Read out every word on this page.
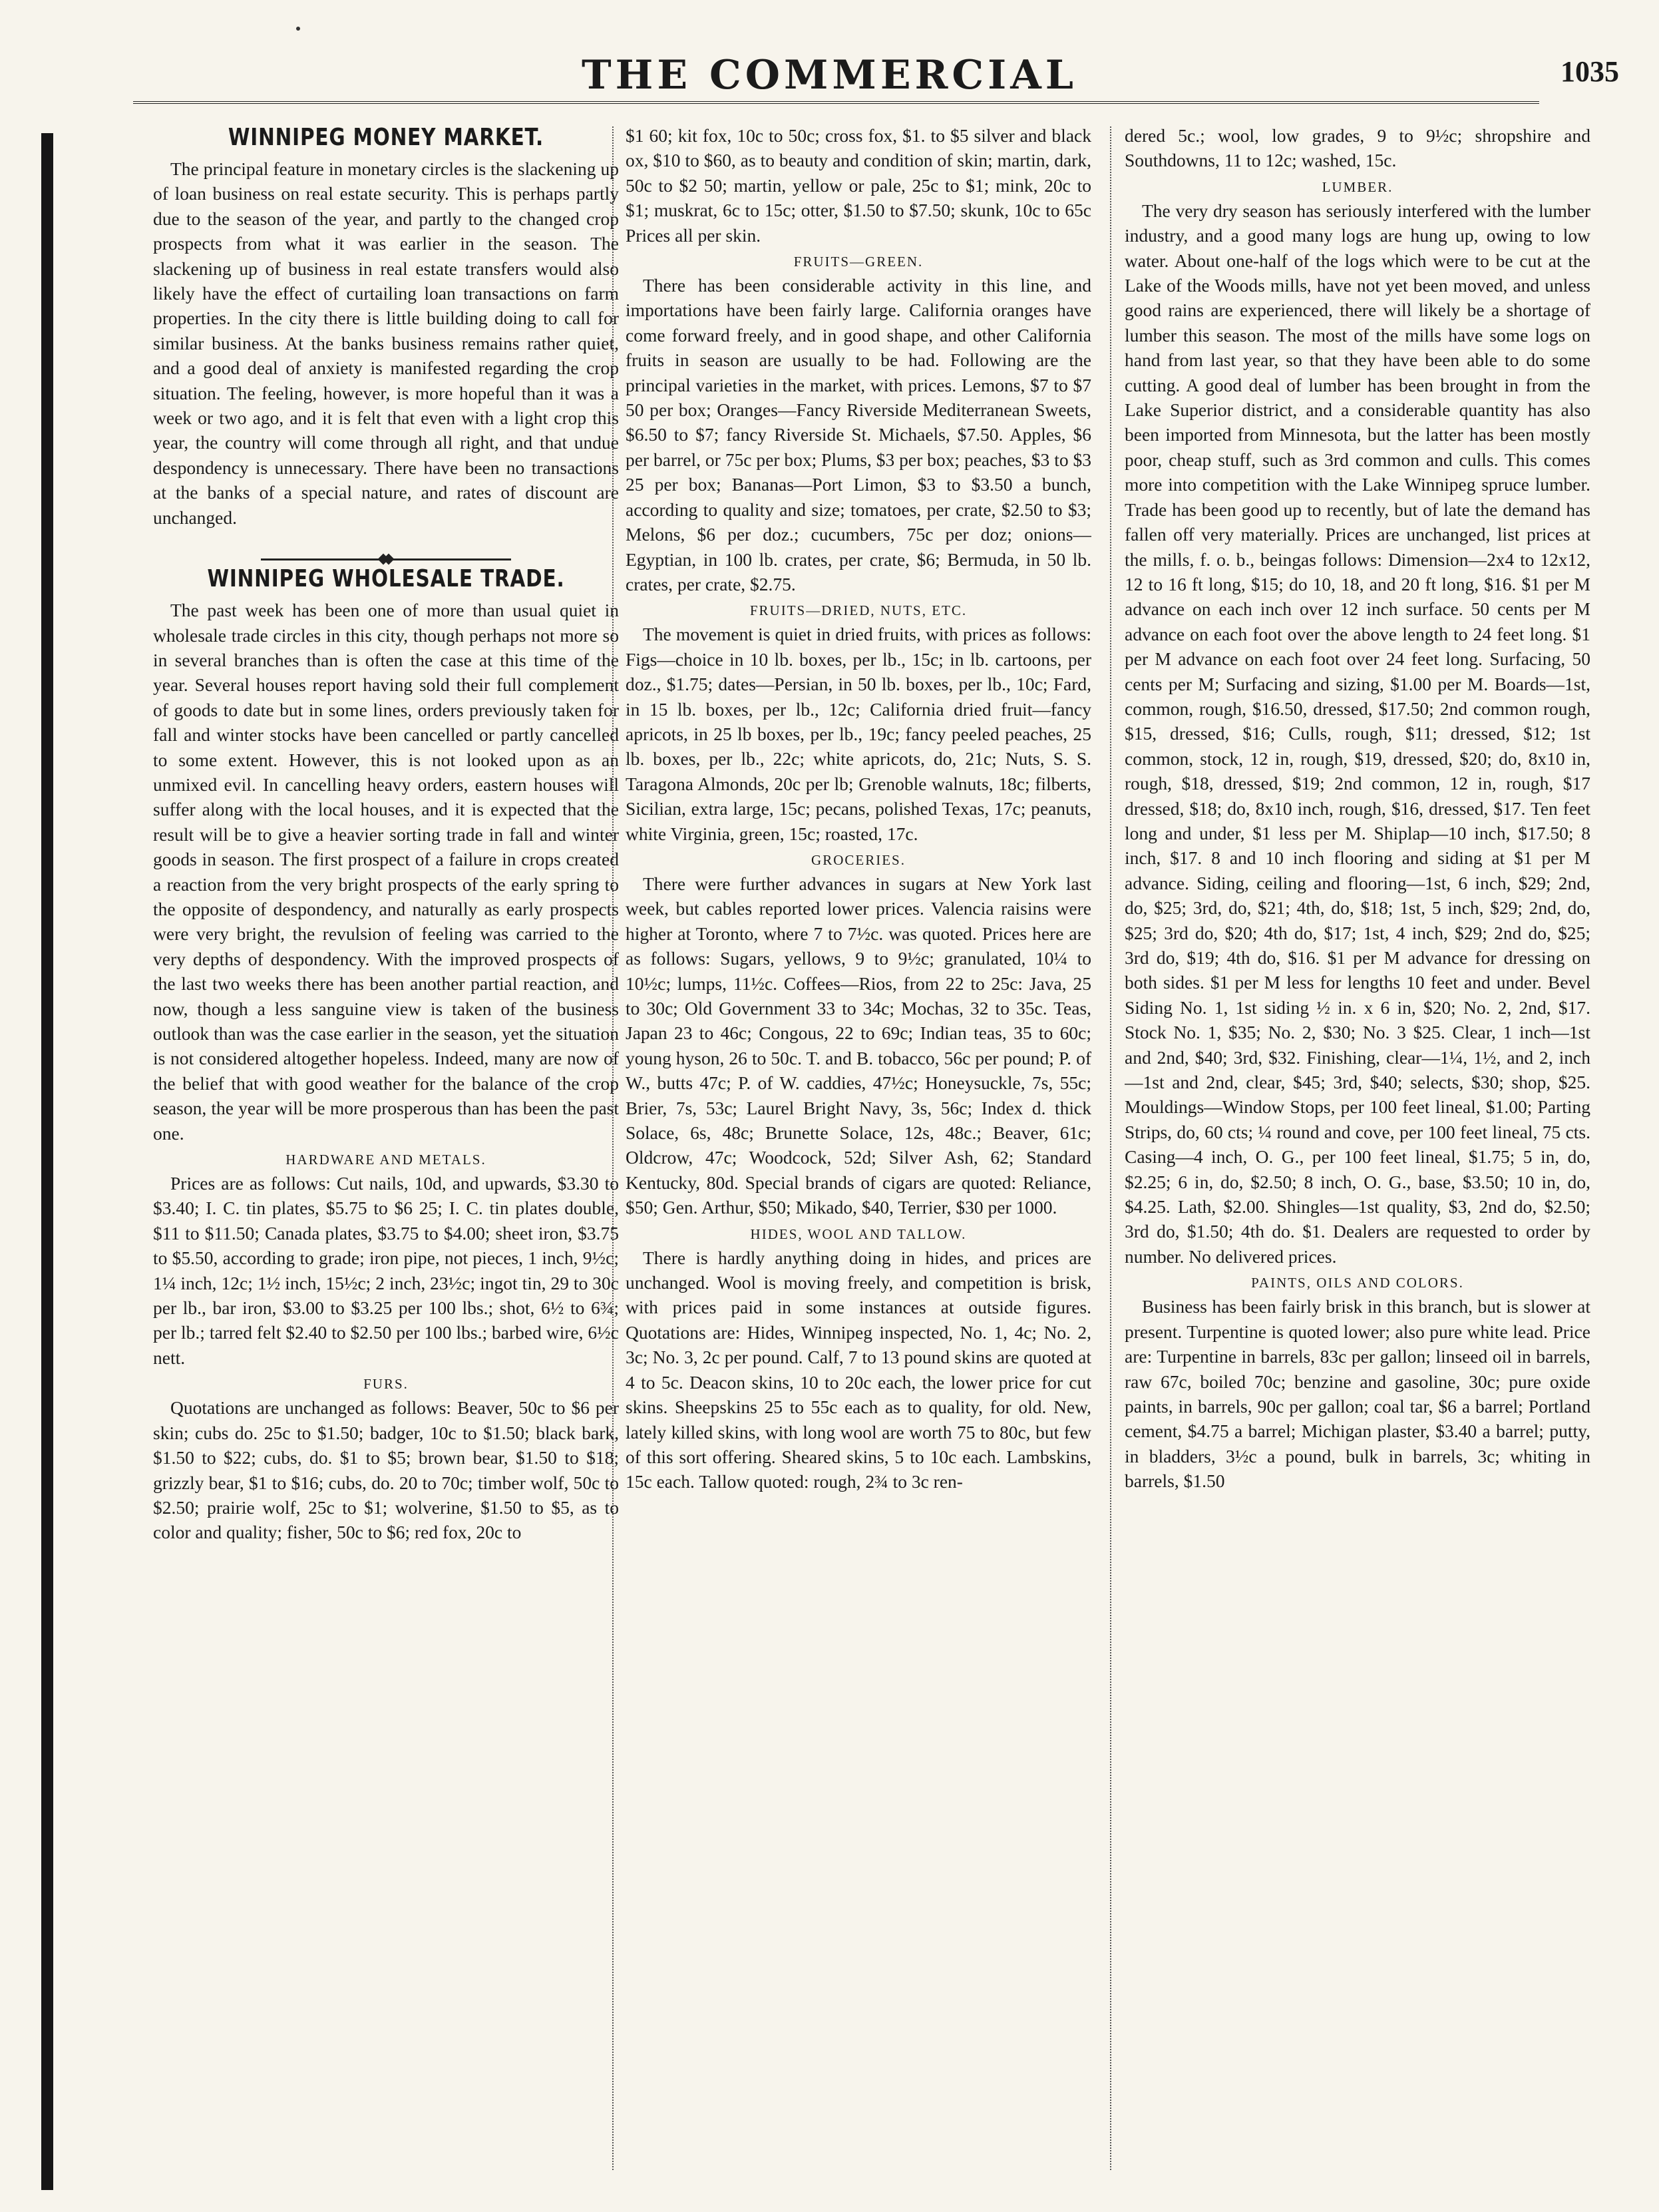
THE COMMERCIAL	1035
WINNIPEG MONEY MARKET.

The principal feature in monetary circles is the slackening up of loan business on real estate security. This is perhaps partly due to the season of the year, and partly to the changed crop prospects from what it was earlier in the season. The slackening up of business in real estate transfers would also likely have the effect of curtailing loan transactions on farm properties. In the city there is little building doing to call for similar business. At the banks business remains rather quiet, and a good deal of anxiety is manifested regarding the crop situation. The feeling, however, is more hopeful than it was a week or two ago, and it is felt that even with a light crop this year, the country will come through all right, and that undue despondency is unnecessary. There have been no transactions at the banks of a special nature, and rates of discount are unchanged.

WINNIPEG WHOLESALE TRADE.

The past week has been one of more than usual quiet in wholesale trade circles in this city, though perhaps not more so in several branches than is often the case at this time of the year. Several houses report having sold their full complement of goods to date but in some lines, orders previously taken for fall and winter stocks have been cancelled or partly cancelled to some extent. However, this is not looked upon as an unmixed evil. In cancelling heavy orders, eastern houses will suffer along with the local houses, and it is expected that the result will be to give a heavier sorting trade in fall and winter goods in season. The first prospect of a failure in crops created a reaction from the very bright prospects of the early spring to the opposite of despondency, and naturally as early prospects were very bright, the revulsion of feeling was carried to the very depths of despondency. With the improved prospects of the last two weeks there has been another partial reaction, and now, though a less sanguine view is taken of the business outlook than was the case earlier in the season, yet the situation is not considered altogether hopeless. Indeed, many are now of the belief that with good weather for the balance of the crop season, the year will be more prosperous than has been the past one.

HARDWARE AND METALS.

Prices are as follows: Cut nails, 10d, and upwards, $3.30 to $3.40; I. C. tin plates, $5.75 to $6 25; I. C. tin plates double, $11 to $11.50; Canada plates, $3.75 to $4.00; sheet iron, $3.75 to $5.50, according to grade; iron pipe, not pieces, 1 inch, 9½c; 1¼ inch, 12c; 1½ inch, 15½c; 2 inch, 23½c; ingot tin, 29 to 30c per lb., bar iron, $3.00 to $3.25 per 100 lbs.; shot, 6½ to 6¾; per lb.; tarred felt $2.40 to $2.50 per 100 lbs.; barbed wire, 6½c nett.

FURS.

Quotations are unchanged as follows: Beaver, 50c to $6 per skin; cubs do. 25c to $1.50; badger, 10c to $1.50; black bark, $1.50 to $22; cubs, do. $1 to $5; brown bear, $1.50 to $18; grizzly bear, $1 to $16; cubs, do. 20 to 70c; timber wolf, 50c to $2.50; prairie wolf, 25c to $1; wolverine, $1.50 to $5, as to color and quality; fisher, 50c to $6; red fox, 20c to

$1 60; kit fox, 10c to 50c; cross fox, $1. to $5 silver and black ox, $10 to $60, as to beauty and condition of skin; martin, dark, 50c to $2 50; martin, yellow or pale, 25c to $1; mink, 20c to $1; muskrat, 6c to 15c; otter, $1.50 to $7.50; skunk, 10c to 65c Prices all per skin.

FRUITS—GREEN.

There has been considerable activity in this line, and importations have been fairly large. California oranges have come forward freely, and in good shape, and other California fruits in season are usually to be had. Following are the principal varieties in the market, with prices. Lemons, $7 to $7 50 per box; Oranges—Fancy Riverside Mediterranean Sweets, $6.50 to $7; fancy Riverside St. Michaels, $7.50. Apples, $6 per barrel, or 75c per box; Plums, $3 per box; peaches, $3 to $3 25 per box; Bananas—Port Limon, $3 to $3.50 a bunch, according to quality and size; tomatoes, per crate, $2.50 to $3; Melons, $6 per doz.; cucumbers, 75c per doz; onions—Egyptian, in 100 lb. crates, per crate, $6; Bermuda, in 50 lb. crates, per crate, $2.75.

FRUITS—DRIED, NUTS, ETC.

The movement is quiet in dried fruits, with prices as follows: Figs—choice in 10 lb. boxes, per lb., 15c; in lb. cartoons, per doz., $1.75; dates—Persian, in 50 lb. boxes, per lb., 10c; Fard, in 15 lb. boxes, per lb., 12c; California dried fruit—fancy apricots, in 25 lb boxes, per lb., 19c; fancy peeled peaches, 25 lb. boxes, per lb., 22c; white apricots, do, 21c; Nuts, S. S. Taragona Almonds, 20c per lb; Grenoble walnuts, 18c; filberts, Sicilian, extra large, 15c; pecans, polished Texas, 17c; peanuts, white Virginia, green, 15c; roasted, 17c.

GROCERIES.

There were further advances in sugars at New York last week, but cables reported lower prices. Valencia raisins were higher at Toronto, where 7 to 7½c. was quoted. Prices here are as follows: Sugars, yellows, 9 to 9½c; granulated, 10¼ to 10½c; lumps, 11½c. Coffees—Rios, from 22 to 25c: Java, 25 to 30c; Old Government 33 to 34c; Mochas, 32 to 35c. Teas, Japan 23 to 46c; Congous, 22 to 69c; Indian teas, 35 to 60c; young hyson, 26 to 50c. T. and B. tobacco, 56c per pound; P. of W., butts 47c; P. of W. caddies, 47½c; Honeysuckle, 7s, 55c; Brier, 7s, 53c; Laurel Bright Navy, 3s, 56c; Index d. thick Solace, 6s, 48c; Brunette Solace, 12s, 48c.; Beaver, 61c; Oldcrow, 47c; Woodcock, 52d; Silver Ash, 62; Standard Kentucky, 80d. Special brands of cigars are quoted: Reliance, $50; Gen. Arthur, $50; Mikado, $40, Terrier, $30 per 1000.

HIDES, WOOL AND TALLOW.

There is hardly anything doing in hides, and prices are unchanged. Wool is moving freely, and competition is brisk, with prices paid in some instances at outside figures. Quotations are: Hides, Winnipeg inspected, No. 1, 4c; No. 2, 3c; No. 3, 2c per pound. Calf, 7 to 13 pound skins are quoted at 4 to 5c. Deacon skins, 10 to 20c each, the lower price for cut skins. Sheepskins 25 to 55c each as to quality, for old. New, lately killed skins, with long wool are worth 75 to 80c, but few of this sort offering. Sheared skins, 5 to 10c each. Lambskins, 15c each. Tallow quoted: rough, 2¾ to 3c ren-

dered 5c.; wool, low grades, 9 to 9½c; shropshire and Southdowns, 11 to 12c; washed, 15c.

LUMBER.

The very dry season has seriously interfered with the lumber industry, and a good many logs are hung up, owing to low water. About one-half of the logs which were to be cut at the Lake of the Woods mills, have not yet been moved, and unless good rains are experienced, there will likely be a shortage of lumber this season. The most of the mills have some logs on hand from last year, so that they have been able to do some cutting. A good deal of lumber has been brought in from the Lake Superior district, and a considerable quantity has also been imported from Minnesota, but the latter has been mostly poor, cheap stuff, such as 3rd common and culls. This comes more into competition with the Lake Winnipeg spruce lumber. Trade has been good up to recently, but of late the demand has fallen off very materially. Prices are unchanged, list prices at the mills, f. o. b., beingas follows: Dimension—2x4 to 12x12, 12 to 16 ft long, $15; do 10, 18, and 20 ft long, $16. $1 per M advance on each inch over 12 inch surface. 50 cents per M advance on each foot over the above length to 24 feet long. $1 per M advance on each foot over 24 feet long. Surfacing, 50 cents per M; Surfacing and sizing, $1.00 per M. Boards—1st, common, rough, $16.50, dressed, $17.50; 2nd common rough, $15, dressed, $16; Culls, rough, $11; dressed, $12; 1st common, stock, 12 in, rough, $19, dressed, $20; do, 8x10 in, rough, $18, dressed, $19; 2nd common, 12 in, rough, $17 dressed, $18; do, 8x10 inch, rough, $16, dressed, $17. Ten feet long and under, $1 less per M. Shiplap—10 inch, $17.50; 8 inch, $17. 8 and 10 inch flooring and siding at $1 per M advance. Siding, ceiling and flooring—1st, 6 inch, $29; 2nd, do, $25; 3rd, do, $21; 4th, do, $18; 1st, 5 inch, $29; 2nd, do, $25; 3rd do, $20; 4th do, $17; 1st, 4 inch, $29; 2nd do, $25; 3rd do, $19; 4th do, $16. $1 per M advance for dressing on both sides. $1 per M less for lengths 10 feet and under. Bevel Siding No. 1, 1st siding ½ in. x 6 in, $20; No. 2, 2nd, $17. Stock No. 1, $35; No. 2, $30; No. 3 $25. Clear, 1 inch—1st and 2nd, $40; 3rd, $32. Finishing, clear—1¼, 1½, and 2, inch—1st and 2nd, clear, $45; 3rd, $40; selects, $30; shop, $25. Mouldings—Window Stops, per 100 feet lineal, $1.00; Parting Strips, do, 60 cts; ¼ round and cove, per 100 feet lineal, 75 cts. Casing—4 inch, O. G., per 100 feet lineal, $1.75; 5 in, do, $2.25; 6 in, do, $2.50; 8 inch, O. G., base, $3.50; 10 in, do, $4.25. Lath, $2.00. Shingles—1st quality, $3, 2nd do, $2.50; 3rd do, $1.50; 4th do. $1. Dealers are requested to order by number. No delivered prices.

PAINTS, OILS AND COLORS.

Business has been fairly brisk in this branch, but is slower at present. Turpentine is quoted lower; also pure white lead. Price are: Turpentine in barrels, 83c per gallon; linseed oil in barrels, raw 67c, boiled 70c; benzine and gasoline, 30c; pure oxide paints, in barrels, 90c per gallon; coal tar, $6 a barrel; Portland cement, $4.75 a barrel; Michigan plaster, $3.40 a barrel; putty, in bladders, 3½c a pound, bulk in barrels, 3c; whiting in barrels, $1.50
